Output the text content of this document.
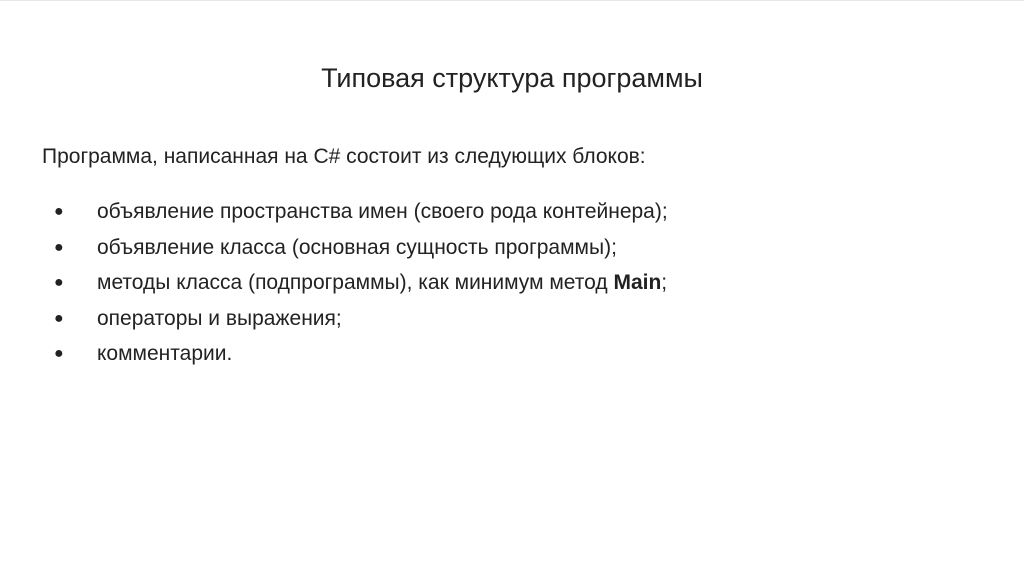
Типовая структура программы
Программа, написанная на C# состоит из следующих блоков:
● объявление пространства имен (своего рода контейнера);
● объявление класса (основная сущность программы);
● методы класса (подпрограммы), как минимум метод Main;
● операторы и выражения;
● комментарии.
